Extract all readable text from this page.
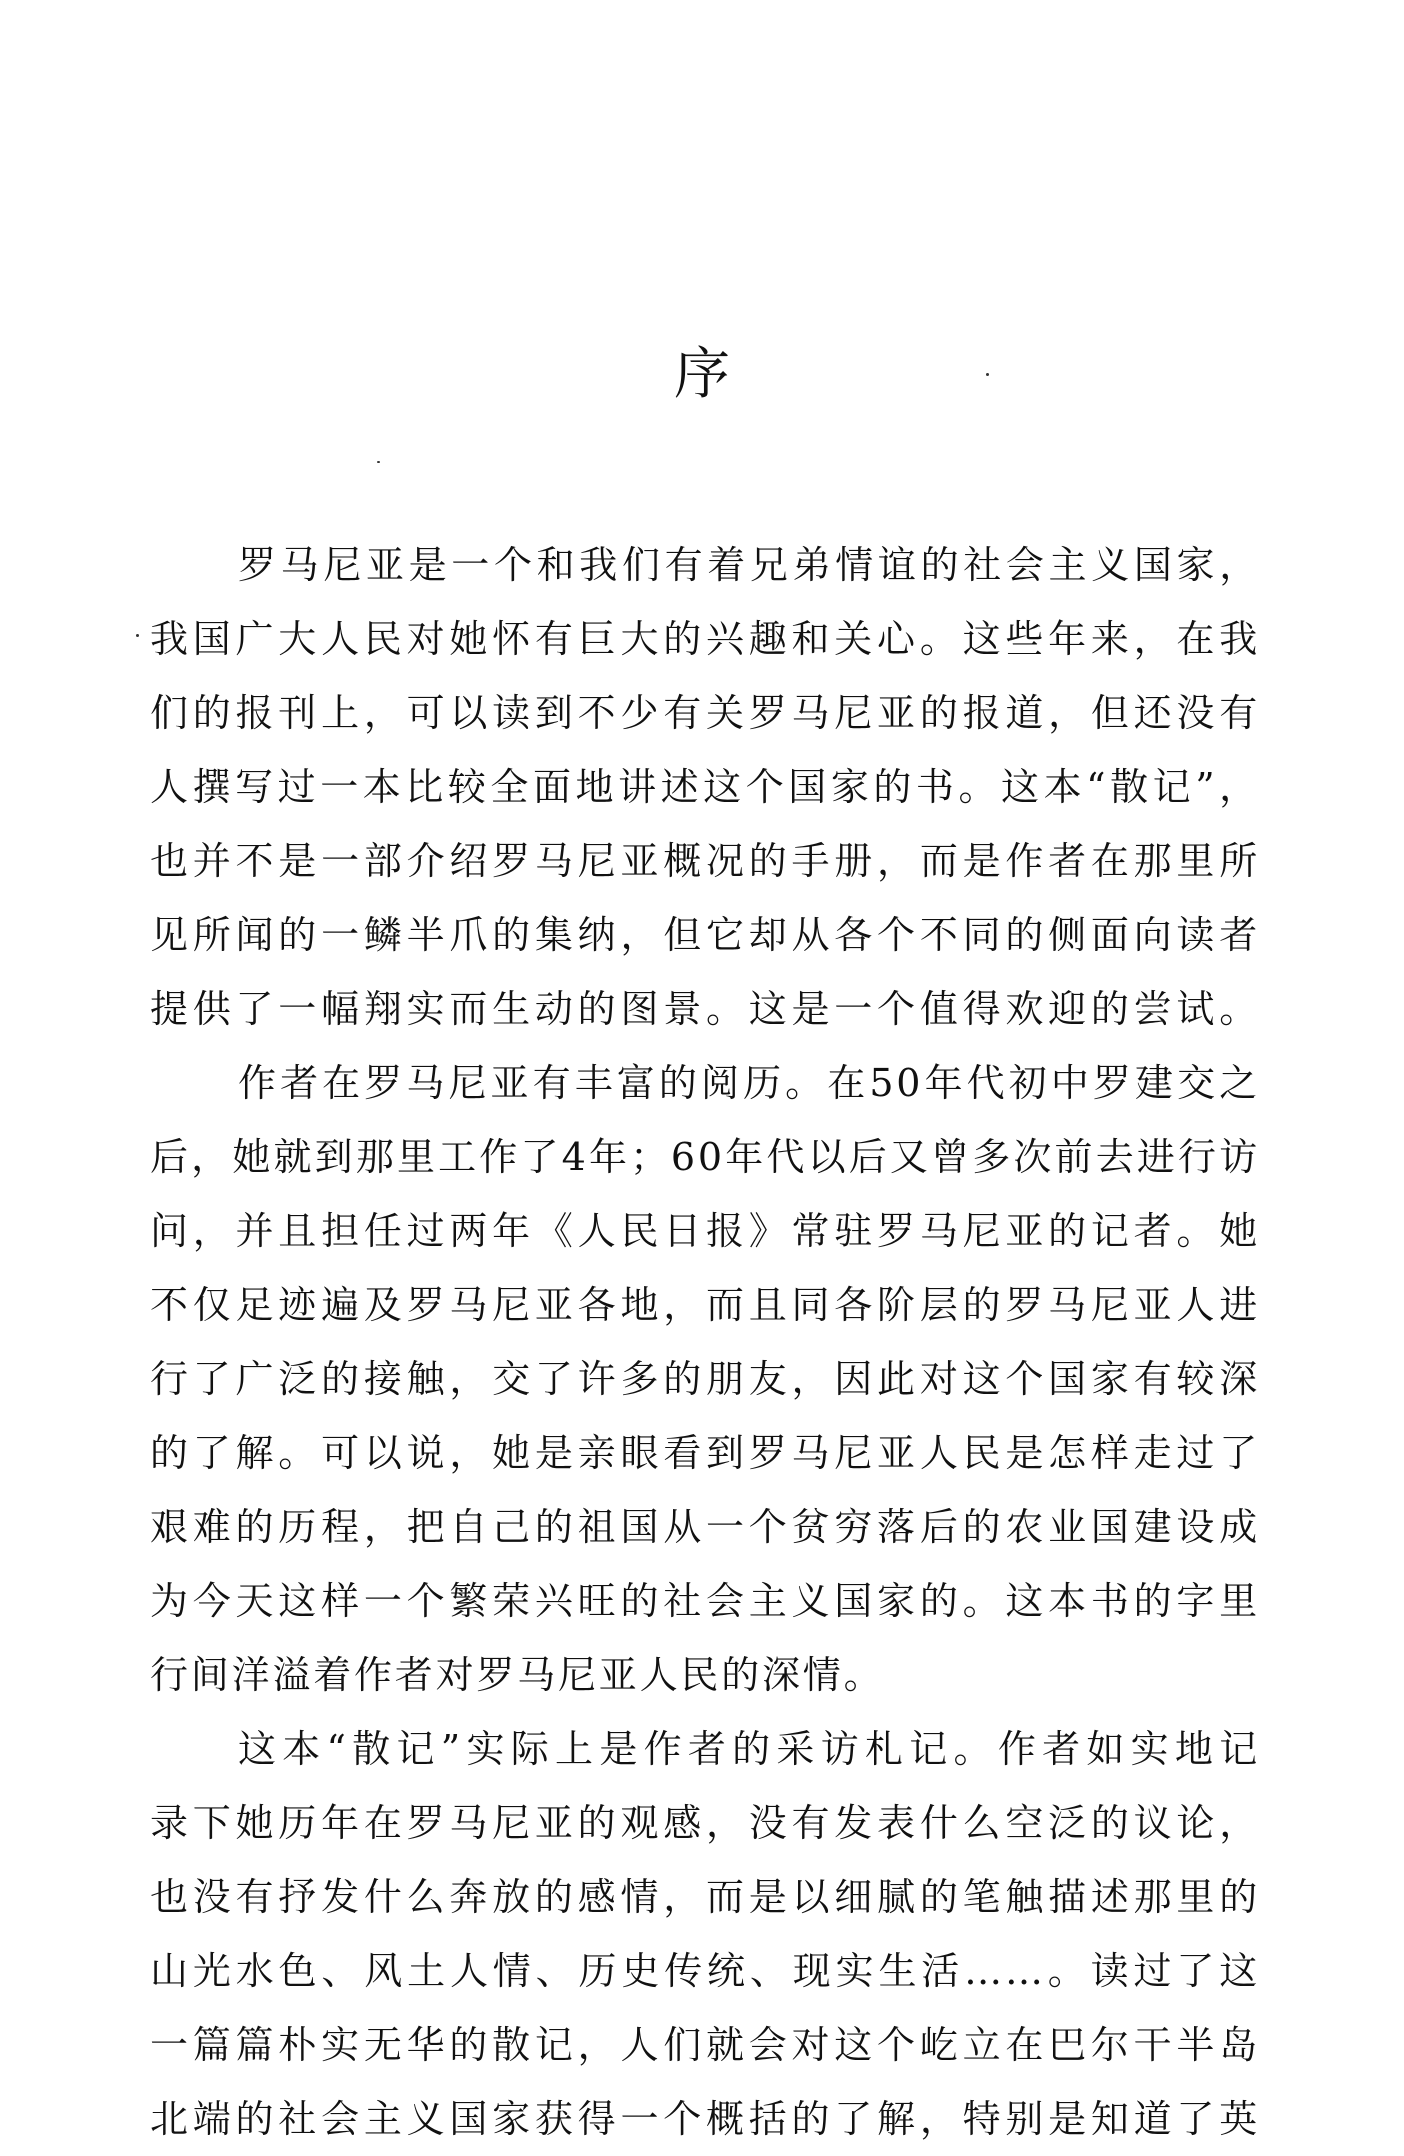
序
罗马尼亚是一个和我们有着兄弟情谊的社会主义国家，
我国广大人民对她怀有巨大的兴趣和关心。这些年来，在我
们的报刊上，可以读到不少有关罗马尼亚的报道，但还没有
人撰写过一本比较全面地讲述这个国家的书。这本“散记”，
也并不是一部介绍罗马尼亚概况的手册，而是作者在那里所
见所闻的一鳞半爪的集纳，但它却从各个不同的侧面向读者
提供了一幅翔实而生动的图景。这是一个值得欢迎的尝试。
作者在罗马尼亚有丰富的阅历。在50年代初中罗建交之
后，她就到那里工作了4年；60年代以后又曾多次前去进行访
问，并且担任过两年《人民日报》常驻罗马尼亚的记者。她
不仅足迹遍及罗马尼亚各地，而且同各阶层的罗马尼亚人进
行了广泛的接触，交了许多的朋友，因此对这个国家有较深
的了解。可以说，她是亲眼看到罗马尼亚人民是怎样走过了
艰难的历程，把自己的祖国从一个贫穷落后的农业国建设成
为今天这样一个繁荣兴旺的社会主义国家的。这本书的字里
行间洋溢着作者对罗马尼亚人民的深情。
这本“散记”实际上是作者的采访札记。作者如实地记
录下她历年在罗马尼亚的观感，没有发表什么空泛的议论，
也没有抒发什么奔放的感情，而是以细腻的笔触描述那里的
山光水色、风土人情、历史传统、现实生活……。读过了这
一篇篇朴实无华的散记，人们就会对这个屹立在巴尔干半岛
北端的社会主义国家获得一个概括的了解，特别是知道了英
